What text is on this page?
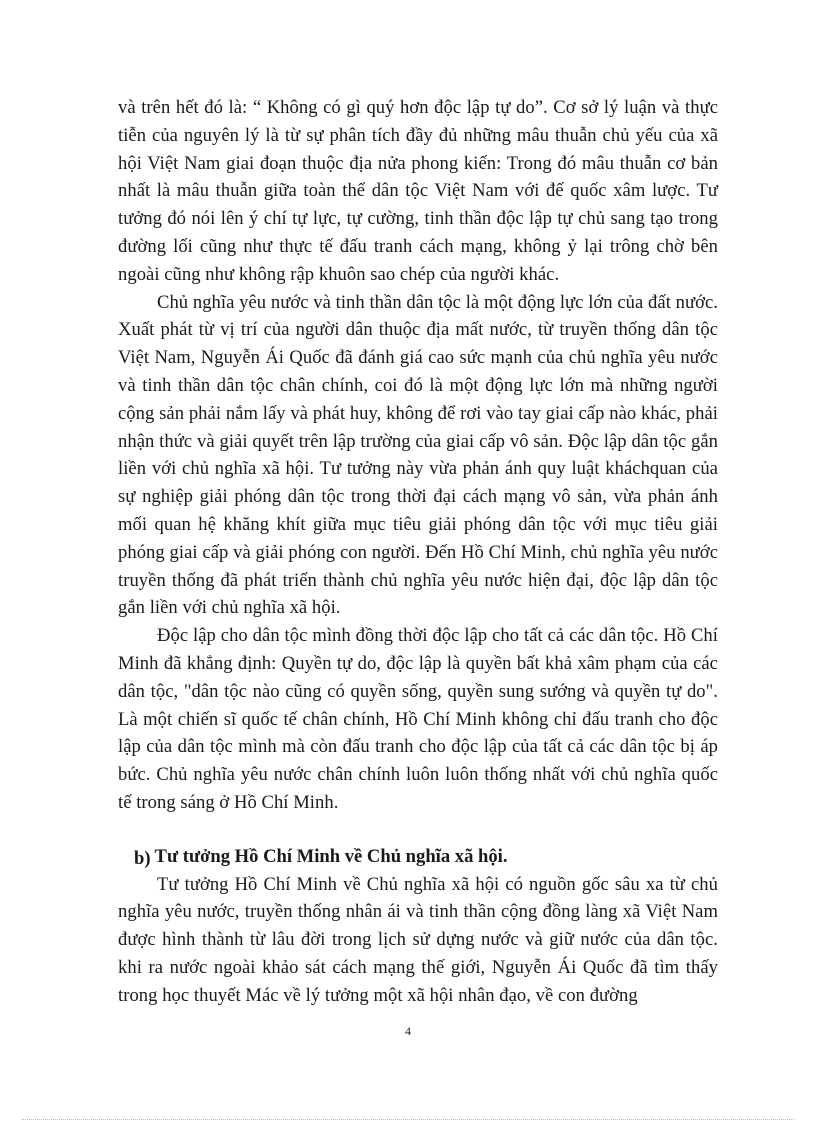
và trên hết đó là: “ Không có gì quý hơn độc lập tự do”. Cơ sở lý luận và thực tiễn của nguyên lý là từ sự phân tích đầy đủ những mâu thuẫn chủ yếu của xã hội Việt Nam giai đoạn thuộc địa nửa phong kiến: Trong đó mâu thuẫn cơ bản nhất là mâu thuẫn giữa toàn thể dân tộc Việt Nam với đế quốc xâm lược. Tư tưởng đó nói lên ý chí tự lực, tự cường, tinh thần độc lập tự chủ sang tạo trong đường lối cũng như thực tế đấu tranh cách mạng, không ỷ lại trông chờ bên ngoài cũng như không rập khuôn sao chép của người khác.

Chủ nghĩa yêu nước và tinh thần dân tộc là một động lực lớn của đất nước. Xuất phát từ vị trí của người dân thuộc địa mất nước, từ truyền thống dân tộc Việt Nam, Nguyễn Ái Quốc đã đánh giá cao sức mạnh của chủ nghĩa yêu nước và tinh thần dân tộc chân chính, coi đó là một động lực lớn mà những người cộng sản phải nắm lấy và phát huy, không để rơi vào tay giai cấp nào khác, phải nhận thức và giải quyết trên lập trường của giai cấp vô sản. Độc lập dân tộc gắn liền với chủ nghĩa xã hội. Tư tưởng này vừa phản ánh quy luật kháchquan của sự nghiệp giải phóng dân tộc trong thời đại cách mạng vô sản, vừa phản ánh mối quan hệ khăng khít giữa mục tiêu giải phóng dân tộc với mục tiêu giải phóng giai cấp và giải phóng con người. Đến Hồ Chí Minh, chủ nghĩa yêu nước truyền thống đã phát triển thành chủ nghĩa yêu nước hiện đại, độc lập dân tộc gắn liền với chủ nghĩa xã hội.

Độc lập cho dân tộc mình đồng thời độc lập cho tất cả các dân tộc. Hồ Chí Minh đã khẳng định: Quyền tự do, độc lập là quyền bất khả xâm phạm của các dân tộc, "dân tộc nào cũng có quyền sống, quyền sung sướng và quyền tự do". Là một chiến sĩ quốc tế chân chính, Hồ Chí Minh không chỉ đấu tranh cho độc lập của dân tộc mình mà còn đấu tranh cho độc lập của tất cả các dân tộc bị áp bức. Chủ nghĩa yêu nước chân chính luôn luôn thống nhất với chủ nghĩa quốc tế trong sáng ở Hồ Chí Minh.

b) Tư tưởng Hồ Chí Minh về Chủ nghĩa xã hội.

Tư tưởng Hồ Chí Minh về Chủ nghĩa xã hội có nguồn gốc sâu xa từ chủ nghĩa yêu nước, truyền thống nhân ái và tinh thần cộng đồng làng xã Việt Nam được hình thành từ lâu đời trong lịch sử dựng nước và giữ nước của dân tộc. khi ra nước ngoài khảo sát cách mạng thế giới, Nguyễn Ái Quốc đã tìm thấy trong học thuyết Mác về lý tưởng một xã hội nhân đạo, về con đường

4
